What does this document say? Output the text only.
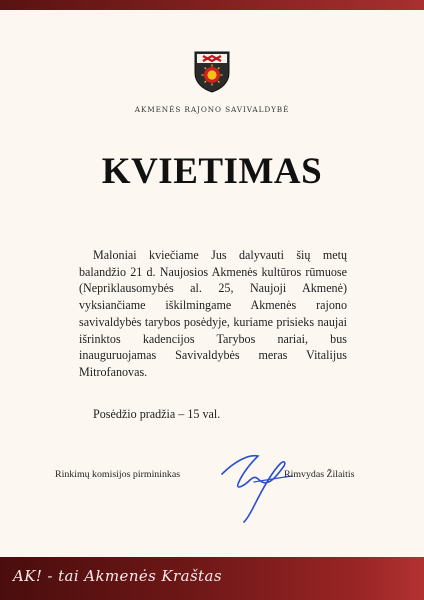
AKMENĖS RAJONO SAVIVALDYBĖ
KVIETIMAS

Maloniai kviečiame Jus dalyvauti šių metų balandžio 21 d. Naujosios Akmenės kultūros rūmuose (Nepriklausomybės al. 25, Naujoji Akmenė) vyksiančiame iškilmingame Akmenės rajono savivaldybės tarybos posėdyje, kuriame prisieks naujai išrinktos kadencijos Tarybos nariai, bus inauguruojamas Savivaldybės meras Vitalijus Mitrofanovas.

Posėdžio pradžia – 15 val.
Rinkimų komisijos pirmininkas	Rimvydas Žilaitis
AK! - tai Akmenės Kraštas
